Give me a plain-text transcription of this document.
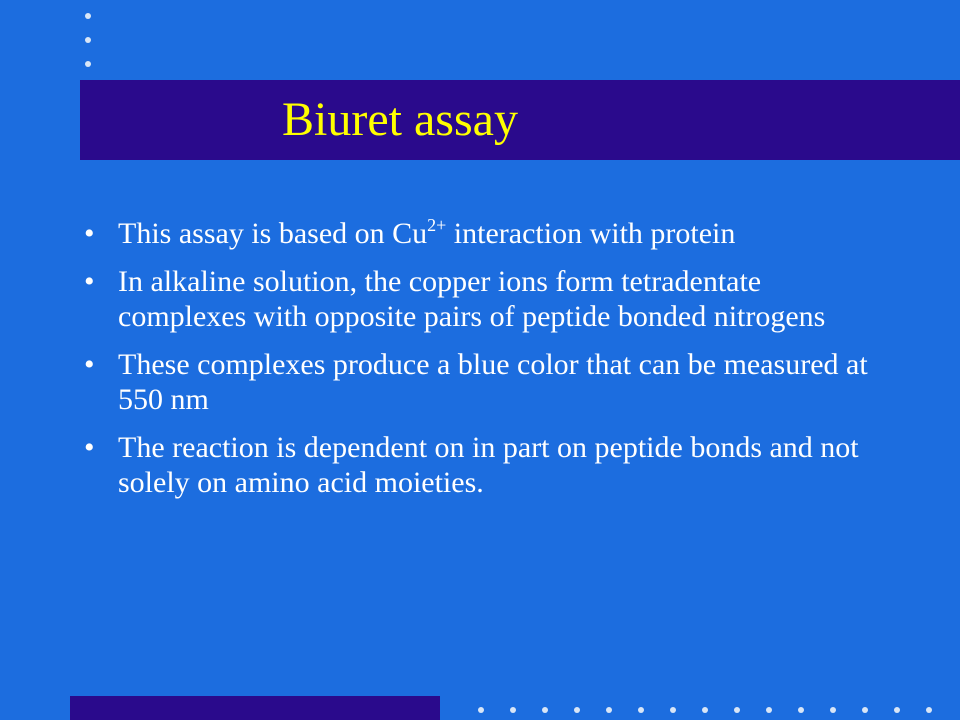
Biuret assay
• This assay is based on $Cu^{2+}$ interaction with protein
• In alkaline solution, the copper ions form tetradentate complexes with opposite pairs of peptide bonded nitrogens
• These complexes produce a blue color that can be measured at 550 nm
• The reaction is dependent on in part on peptide bonds and not solely on amino acid moieties.
